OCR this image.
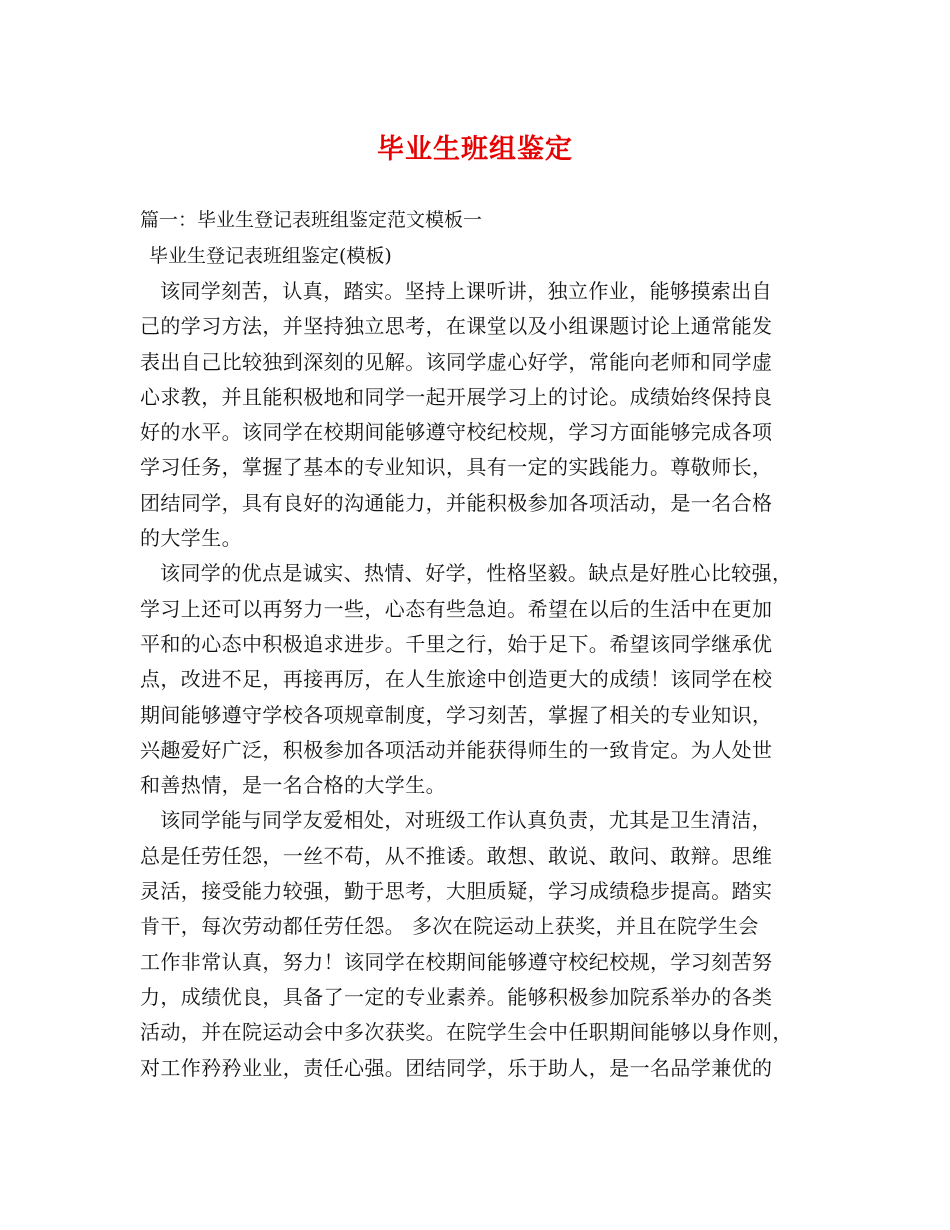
毕业生班组鉴定

篇一：毕业生登记表班组鉴定范文模板一

毕业生登记表班组鉴定(模板)

该同学刻苦，认真，踏实。坚持上课听讲，独立作业，能够摸索出自
己的学习方法，并坚持独立思考，在课堂以及小组课题讨论上通常能发
表出自己比较独到深刻的见解。该同学虚心好学，常能向老师和同学虚
心求教，并且能积极地和同学一起开展学习上的讨论。成绩始终保持良
好的水平。该同学在校期间能够遵守校纪校规，学习方面能够完成各项
学习任务，掌握了基本的专业知识，具有一定的实践能力。尊敬师长，
团结同学，具有良好的沟通能力，并能积极参加各项活动，是一名合格
的大学生。
该同学的优点是诚实、热情、好学，性格坚毅。缺点是好胜心比较强，
学习上还可以再努力一些，心态有些急迫。希望在以后的生活中在更加
平和的心态中积极追求进步。千里之行，始于足下。希望该同学继承优
点，改进不足，再接再厉，在人生旅途中创造更大的成绩！该同学在校
期间能够遵守学校各项规章制度，学习刻苦，掌握了相关的专业知识，
兴趣爱好广泛，积极参加各项活动并能获得师生的一致肯定。为人处世
和善热情，是一名合格的大学生。
该同学能与同学友爱相处，对班级工作认真负责，尤其是卫生清洁，
总是任劳任怨，一丝不苟，从不推诿。敢想、敢说、敢问、敢辩。思维
灵活，接受能力较强，勤于思考，大胆质疑，学习成绩稳步提高。踏实
肯干，每次劳动都任劳任怨。 多次在院运动上获奖，并且在院学生会
工作非常认真，努力！该同学在校期间能够遵守校纪校规，学习刻苦努
力，成绩优良，具备了一定的专业素养。能够积极参加院系举办的各类
活动，并在院运动会中多次获奖。在院学生会中任职期间能够以身作则，
对工作矜矜业业，责任心强。团结同学，乐于助人，是一名品学兼优的
